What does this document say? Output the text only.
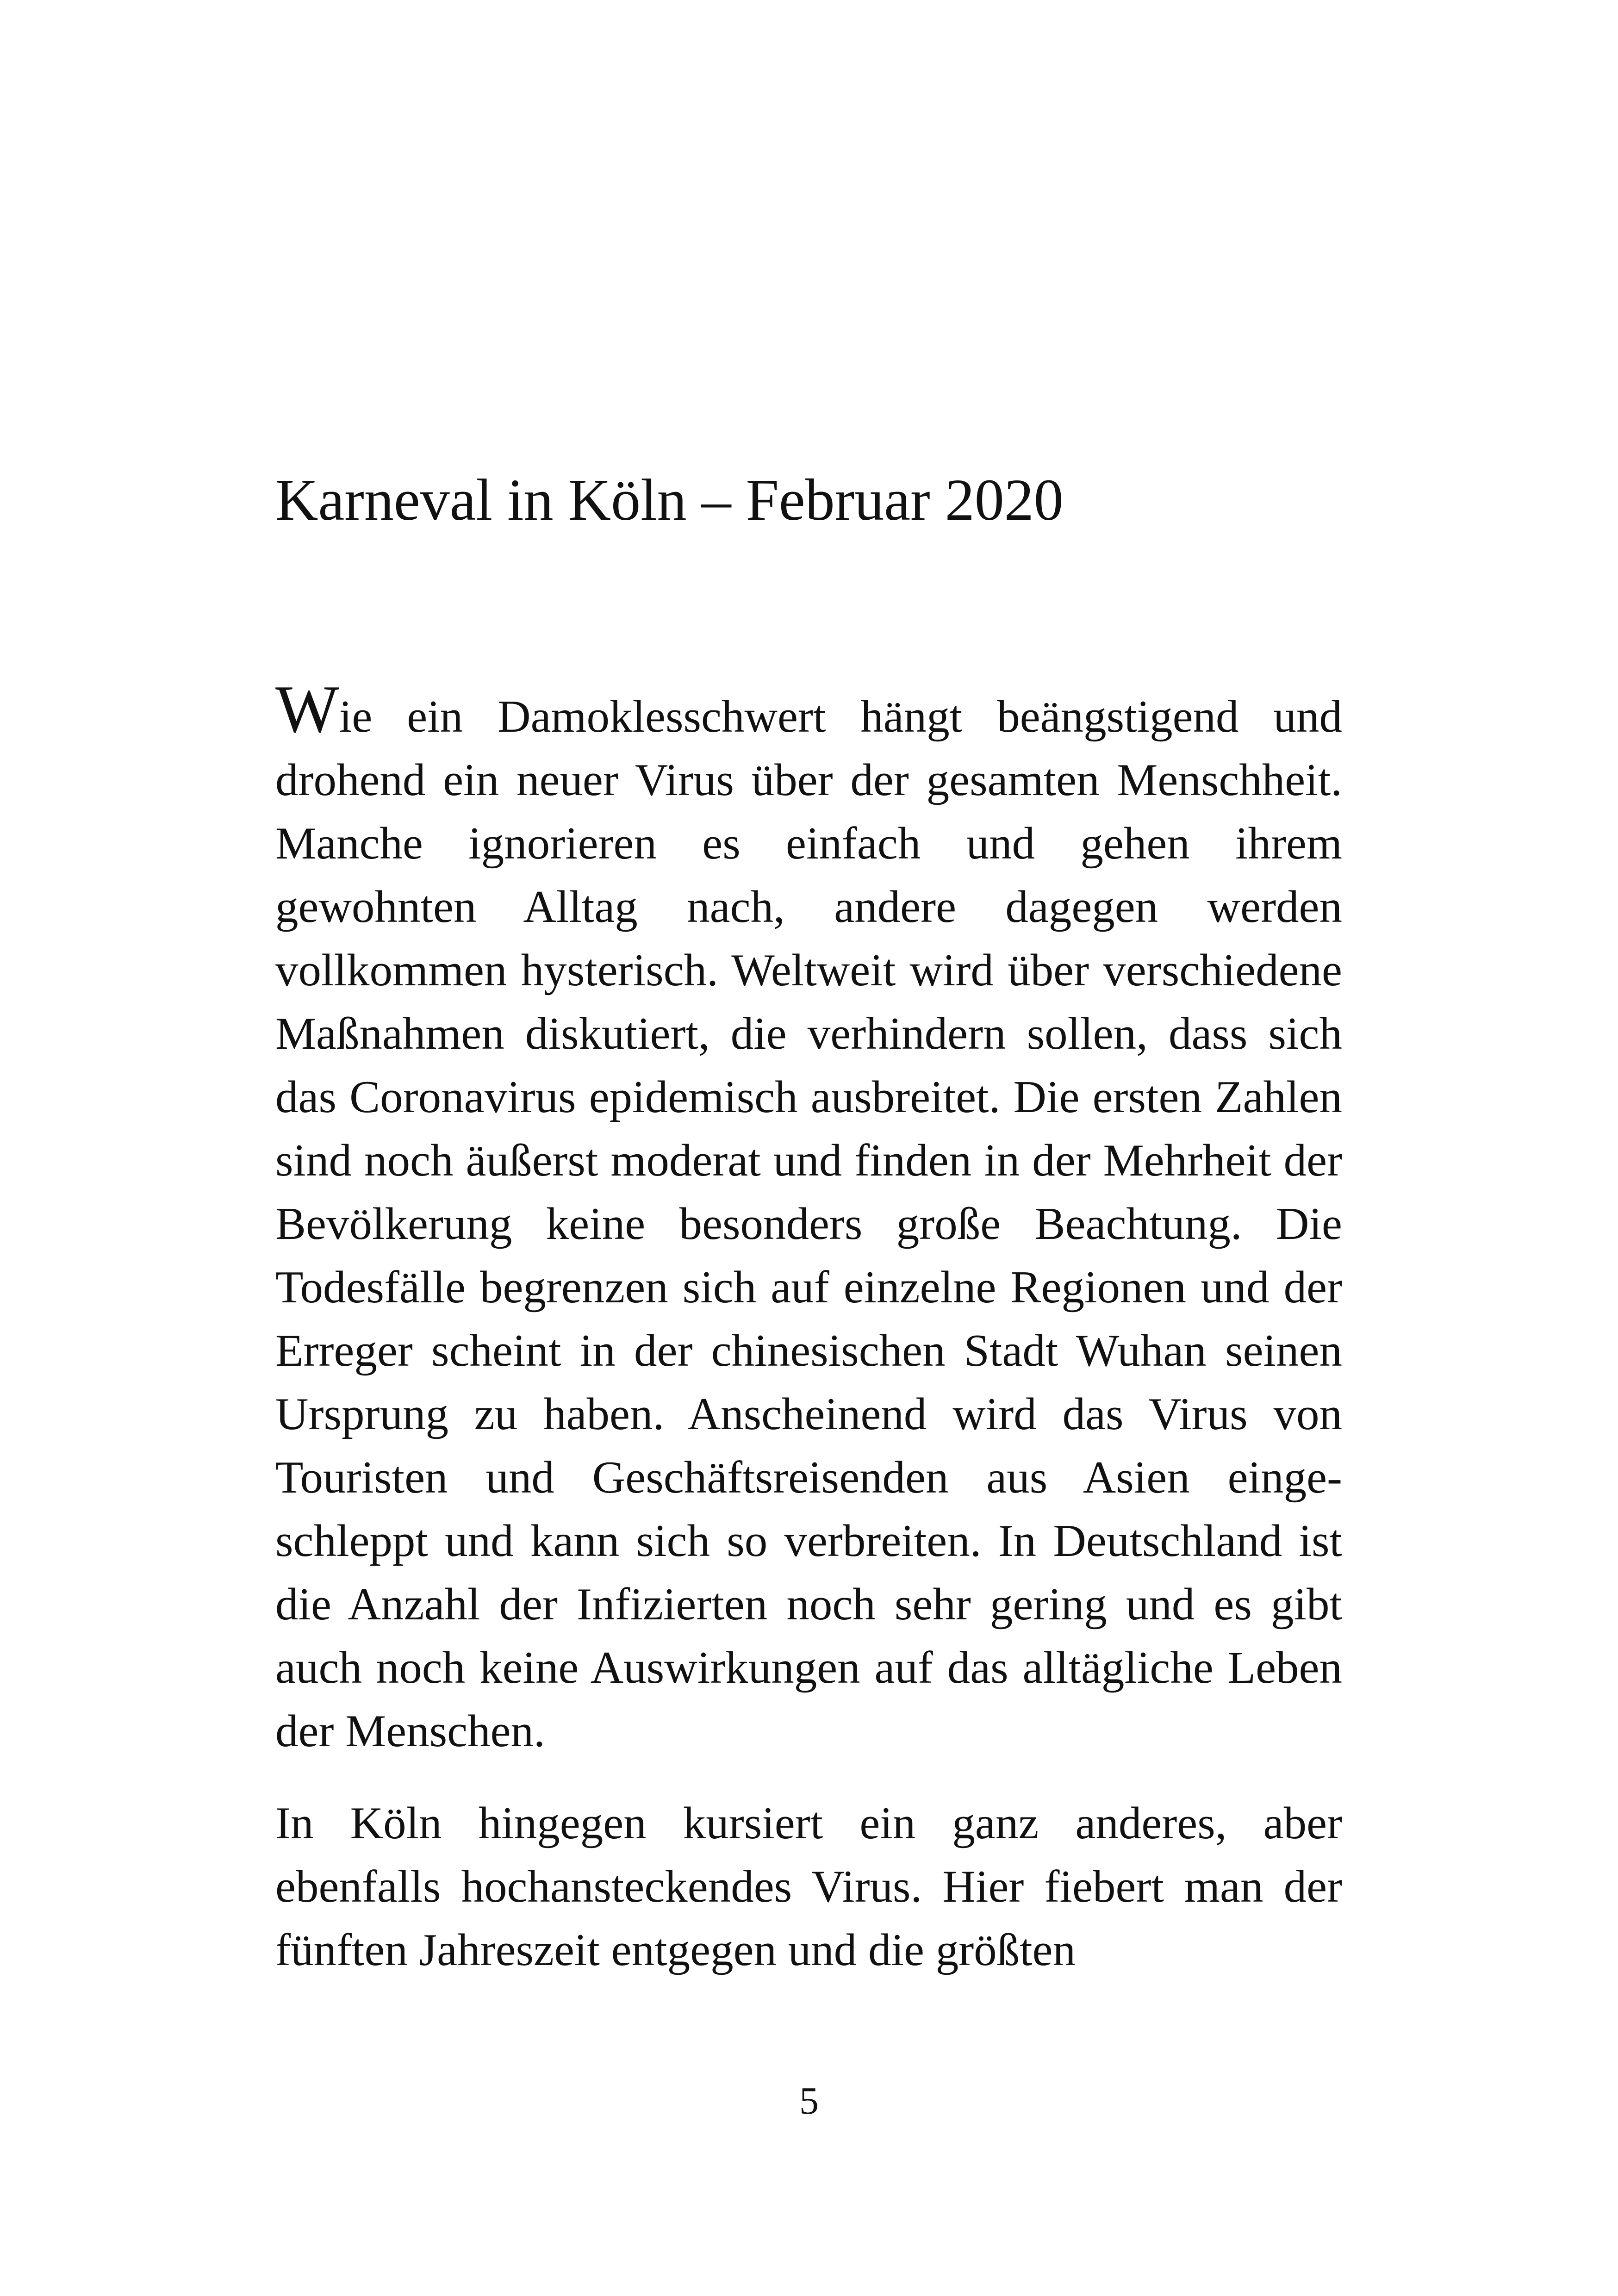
Karneval in Köln – Februar 2020

Wie ein Damoklesschwert hängt beängstigend und drohend ein neuer Virus über der gesamten Menschheit. Manche ignorieren es einfach und gehen ihrem gewohnten Alltag nach, andere dagegen werden vollkommen hysterisch. Weltweit wird über verschiedene Maßnahmen diskutiert, die verhindern sollen, dass sich das Coronavirus epidemisch ausbreitet. Die ersten Zahlen sind noch äußerst moderat und finden in der Mehrheit der Bevölkerung keine besonders große Beachtung. Die Todesfälle begrenzen sich auf einzelne Regionen und der Erreger scheint in der chinesischen Stadt Wuhan seinen Ursprung zu haben. Anscheinend wird das Virus von Touristen und Geschäftsreisenden aus Asien eingeschleppt und kann sich so verbreiten. In Deutschland ist die Anzahl der Infizierten noch sehr gering und es gibt auch noch keine Auswirkungen auf das alltägliche Leben der Menschen.

In Köln hingegen kursiert ein ganz anderes, aber ebenfalls hochansteckendes Virus. Hier fiebert man der fünften Jahreszeit entgegen und die größten

5
